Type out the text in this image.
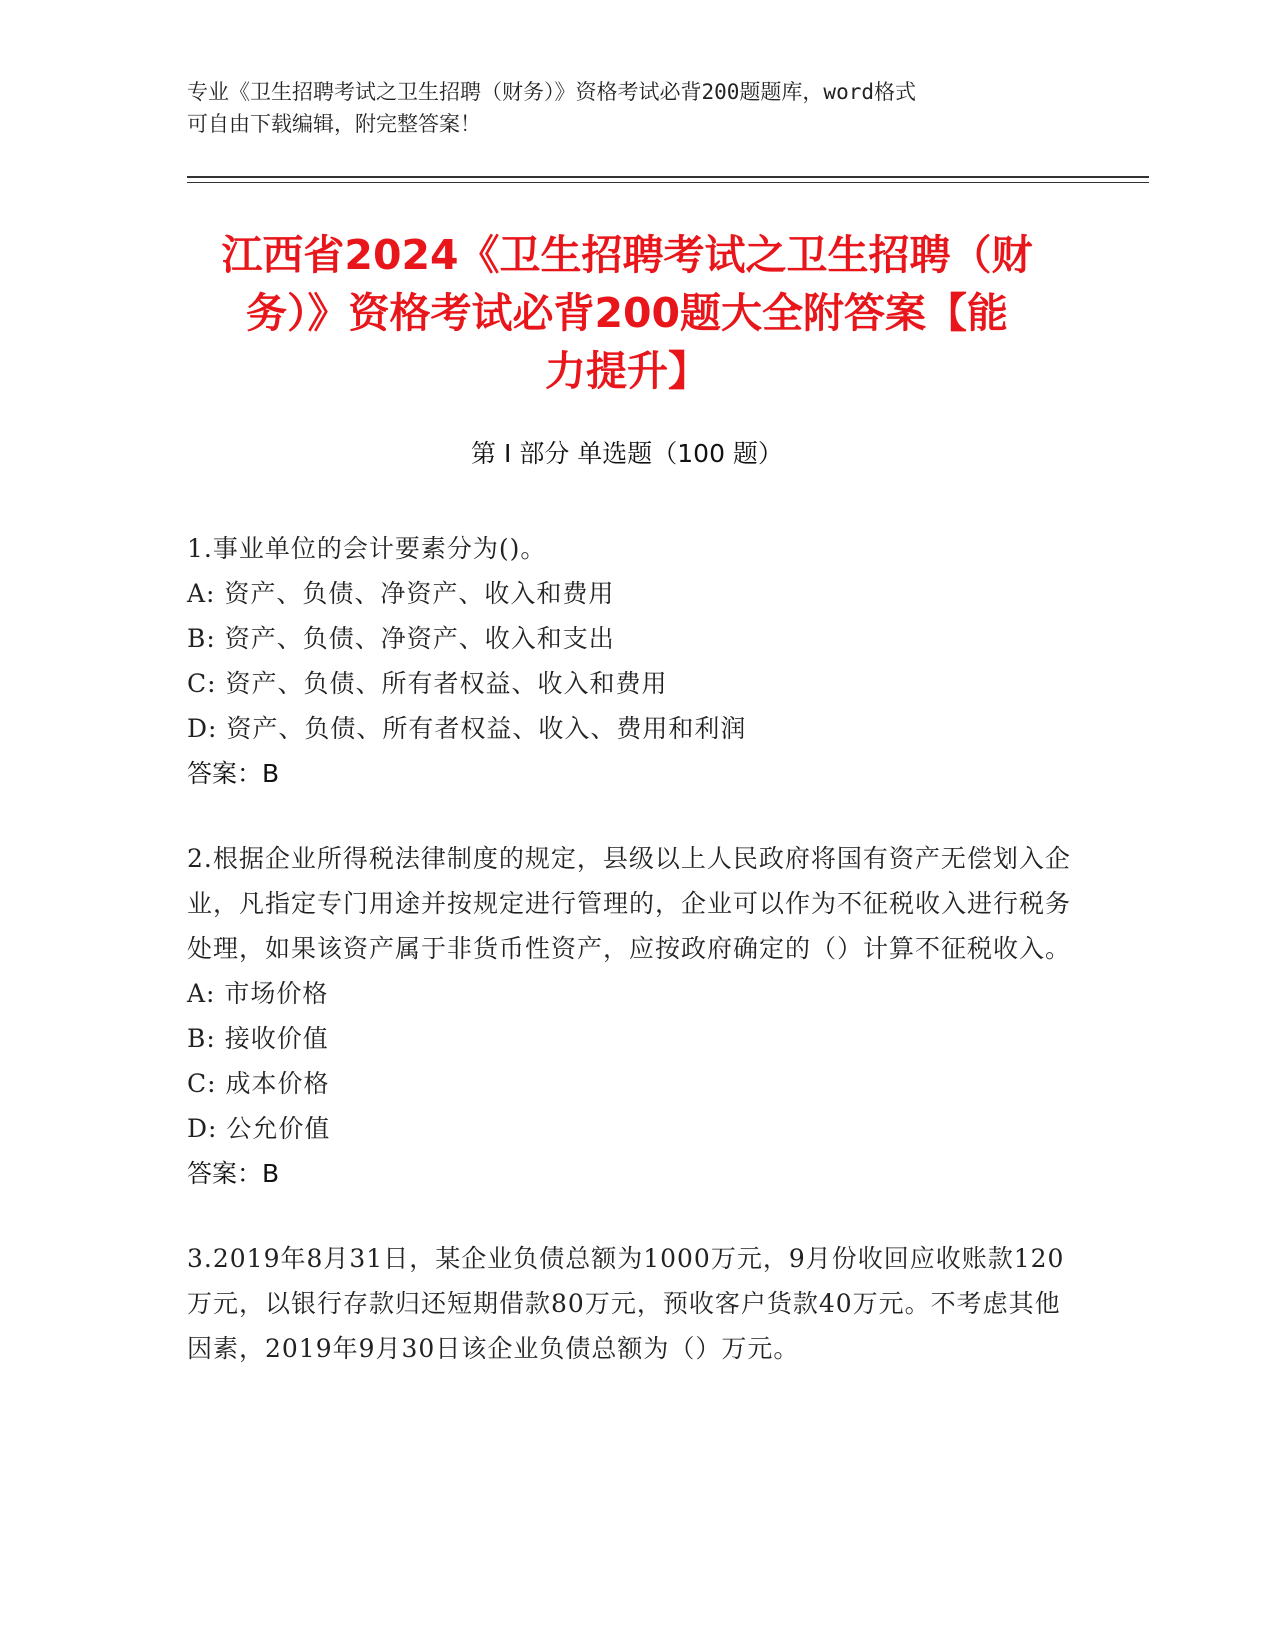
专业《卫生招聘考试之卫生招聘（财务）》资格考试必背200题题库，word格式
可自由下载编辑，附完整答案！
江西省2024《卫生招聘考试之卫生招聘（财
务）》资格考试必背200题大全附答案【能
力提升】
第 I 部分 单选题（100 题）
1.事业单位的会计要素分为()。
A: 资产、负债、净资产、收入和费用
B: 资产、负债、净资产、收入和支出
C: 资产、负债、所有者权益、收入和费用
D: 资产、负债、所有者权益、收入、费用和利润
答案：B
2.根据企业所得税法律制度的规定，县级以上人民政府将国有资产无偿划入企业，凡指定专门用途并按规定进行管理的，企业可以作为不征税收入进行税务处理，如果该资产属于非货币性资产，应按政府确定的（）计算不征税收入。
A: 市场价格
B: 接收价值
C: 成本价格
D: 公允价值
答案：B
3.2019年8月31日，某企业负债总额为1000万元，9月份收回应收账款120万元，以银行存款归还短期借款80万元，预收客户货款40万元。不考虑其他因素，2019年9月30日该企业负债总额为（）万元。
